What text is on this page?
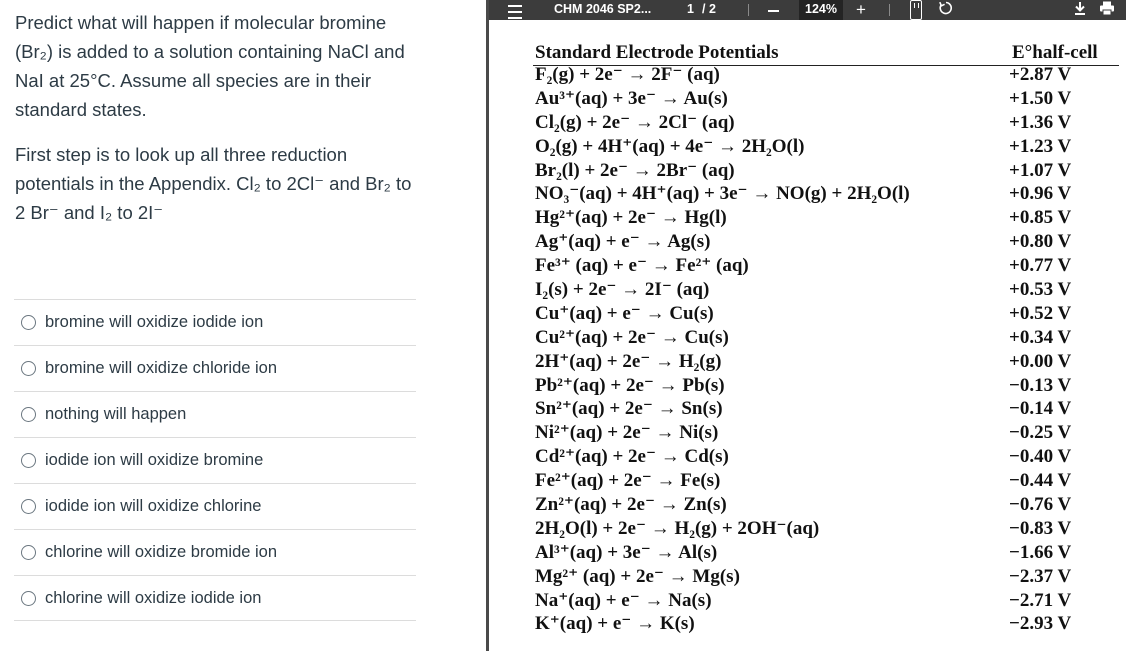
Predict what will happen if molecular bromine (Br₂) is added to a solution containing NaCl and NaI at 25°C. Assume all species are in their standard states.
First step is to look up all three reduction potentials in the Appendix. Cl₂ to 2Cl⁻ and Br₂ to 2 Br⁻ and I₂ to 2I⁻
bromine will oxidize iodide ion
bromine will oxidize chloride ion
nothing will happen
iodide ion will oxidize bromine
iodide ion will oxidize chlorine
chlorine will oxidize bromide ion
chlorine will oxidize iodide ion
CHM 2046 SP2...	1 / 2	124%	+
Standard Electrode Potentials	E°half-cell
F₂(g) + 2e⁻ → 2F⁻ (aq)	+2.87 V
Au³⁺(aq) + 3e⁻ → Au(s)	+1.50 V
Cl₂(g) + 2e⁻ → 2Cl⁻ (aq)	+1.36 V
O₂(g) + 4H⁺(aq) + 4e⁻ → 2H₂O(l)	+1.23 V
Br₂(l) + 2e⁻ → 2Br⁻ (aq)	+1.07 V
NO₃⁻(aq) + 4H⁺(aq) + 3e⁻ → NO(g) + 2H₂O(l)	+0.96 V
Hg²⁺(aq) + 2e⁻ → Hg(l)	+0.85 V
Ag⁺(aq) + e⁻ → Ag(s)	+0.80 V
Fe³⁺ (aq) + e⁻ → Fe²⁺ (aq)	+0.77 V
I₂(s) + 2e⁻ → 2I⁻ (aq)	+0.53 V
Cu⁺(aq) + e⁻ → Cu(s)	+0.52 V
Cu²⁺(aq) + 2e⁻ → Cu(s)	+0.34 V
2H⁺(aq) + 2e⁻ → H₂(g)	+0.00 V
Pb²⁺(aq) + 2e⁻ → Pb(s)	−0.13 V
Sn²⁺(aq) + 2e⁻ → Sn(s)	−0.14 V
Ni²⁺(aq) + 2e⁻ → Ni(s)	−0.25 V
Cd²⁺(aq) + 2e⁻ → Cd(s)	−0.40 V
Fe²⁺(aq) + 2e⁻ → Fe(s)	−0.44 V
Zn²⁺(aq) + 2e⁻ → Zn(s)	−0.76 V
2H₂O(l) + 2e⁻ → H₂(g) + 2OH⁻(aq)	−0.83 V
Al³⁺(aq) + 3e⁻ → Al(s)	−1.66 V
Mg²⁺ (aq) + 2e⁻ → Mg(s)	−2.37 V
Na⁺(aq) + e⁻ → Na(s)	−2.71 V
K⁺(aq) + e⁻ → K(s)	−2.93 V
